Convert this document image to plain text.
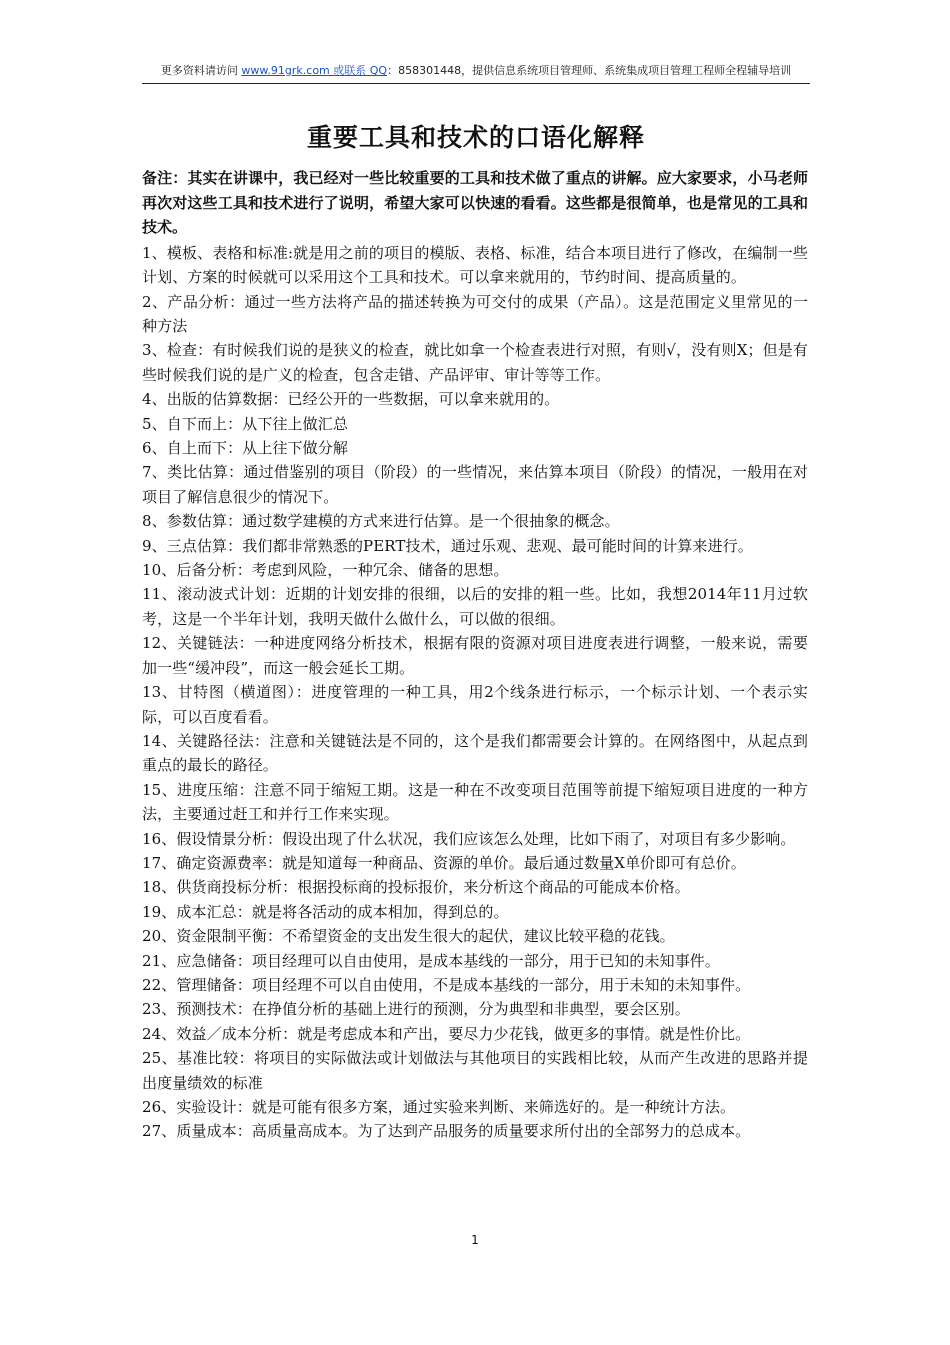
更多资料请访问 www.91grk.com 或联系 QQ：858301448，提供信息系统项目管理师、系统集成项目管理工程师全程辅导培训
重要工具和技术的口语化解释

备注：其实在讲课中，我已经对一些比较重要的工具和技术做了重点的讲解。应大家要求，小马老师再次对这些工具和技术进行了说明，希望大家可以快速的看看。这些都是很简单，也是常见的工具和技术。

1、模板、表格和标准:就是用之前的项目的模版、表格、标准，结合本项目进行了修改，在编制一些计划、方案的时候就可以采用这个工具和技术。可以拿来就用的，节约时间、提高质量的。

2、产品分析：通过一些方法将产品的描述转换为可交付的成果（产品）。这是范围定义里常见的一种方法

3、检查：有时候我们说的是狭义的检查，就比如拿一个检查表进行对照，有则√，没有则X；但是有些时候我们说的是广义的检查，包含走错、产品评审、审计等等工作。

4、出版的估算数据：已经公开的一些数据，可以拿来就用的。

5、自下而上：从下往上做汇总

6、自上而下：从上往下做分解

7、类比估算：通过借鉴别的项目（阶段）的一些情况，来估算本项目（阶段）的情况，一般用在对项目了解信息很少的情况下。

8、参数估算：通过数学建模的方式来进行估算。是一个很抽象的概念。

9、三点估算：我们都非常熟悉的PERT技术，通过乐观、悲观、最可能时间的计算来进行。

10、后备分析：考虑到风险，一种冗余、储备的思想。

11、滚动波式计划：近期的计划安排的很细，以后的安排的粗一些。比如，我想2014年11月过软考，这是一个半年计划，我明天做什么做什么，可以做的很细。

12、关键链法：一种进度网络分析技术，根据有限的资源对项目进度表进行调整，一般来说，需要加一些“缓冲段”，而这一般会延长工期。

13、甘特图（横道图）：进度管理的一种工具，用2个线条进行标示，一个标示计划、一个表示实际，可以百度看看。

14、关键路径法：注意和关键链法是不同的，这个是我们都需要会计算的。在网络图中，从起点到重点的最长的路径。

15、进度压缩：注意不同于缩短工期。这是一种在不改变项目范围等前提下缩短项目进度的一种方法，主要通过赶工和并行工作来实现。

16、假设情景分析：假设出现了什么状况，我们应该怎么处理，比如下雨了，对项目有多少影响。

17、确定资源费率：就是知道每一种商品、资源的单价。最后通过数量X单价即可有总价。

18、供货商投标分析：根据投标商的投标报价，来分析这个商品的可能成本价格。

19、成本汇总：就是将各活动的成本相加，得到总的。

20、资金限制平衡：不希望资金的支出发生很大的起伏，建议比较平稳的花钱。

21、应急储备：项目经理可以自由使用，是成本基线的一部分，用于已知的未知事件。

22、管理储备：项目经理不可以自由使用，不是成本基线的一部分，用于未知的未知事件。

23、预测技术：在挣值分析的基础上进行的预测，分为典型和非典型，要会区别。

24、效益／成本分析：就是考虑成本和产出，要尽力少花钱，做更多的事情。就是性价比。

25、基准比较：将项目的实际做法或计划做法与其他项目的实践相比较，从而产生改进的思路并提出度量绩效的标准

26、实验设计：就是可能有很多方案，通过实验来判断、来筛选好的。是一种统计方法。

27、质量成本：高质量高成本。为了达到产品服务的质量要求所付出的全部努力的总成本。

1
